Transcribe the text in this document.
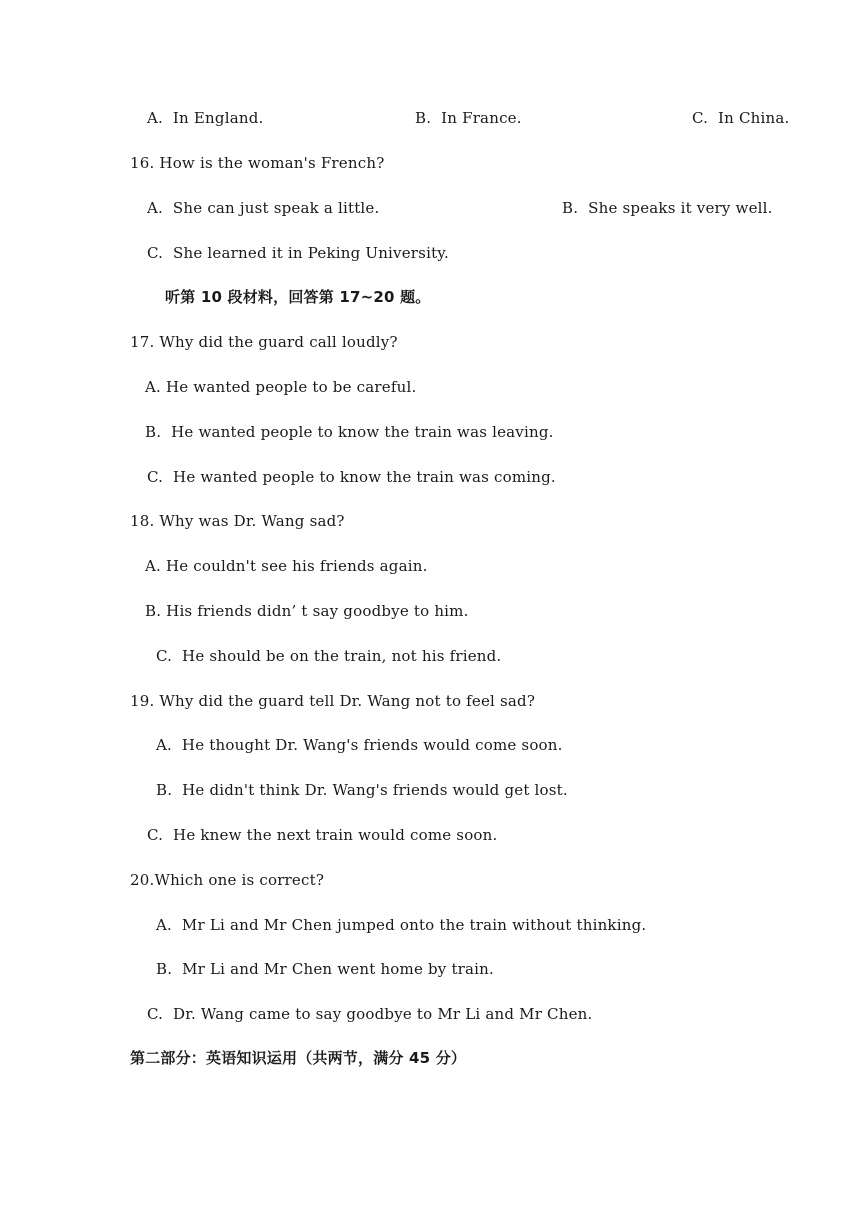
A.  In England.	B.  In France.	C.  In China.
16. How is the woman's French?
A.  She can just speak a little.	B.  She speaks it very well.
C.  She learned it in Peking University.
听第 10 段材料，回答第 17~20 题。
17. Why did the guard call loudly?
A. He wanted people to be careful.
B.  He wanted people to know the train was leaving.
C.  He wanted people to know the train was coming.
18. Why was Dr. Wang sad?
A. He couldn't see his friends again.
B. His friends didn’ t say goodbye to him.
C.  He should be on the train, not his friend.
19. Why did the guard tell Dr. Wang not to feel sad?
A.  He thought Dr. Wang's friends would come soon.
B.  He didn't think Dr. Wang's friends would get lost.
C.  He knew the next train would come soon.
20.Which one is correct?
A.  Mr Li and Mr Chen jumped onto the train without thinking.
B.  Mr Li and Mr Chen went home by train.
C.  Dr. Wang came to say goodbye to Mr Li and Mr Chen.
第二部分：英语知识运用（共两节，满分 45 分）
